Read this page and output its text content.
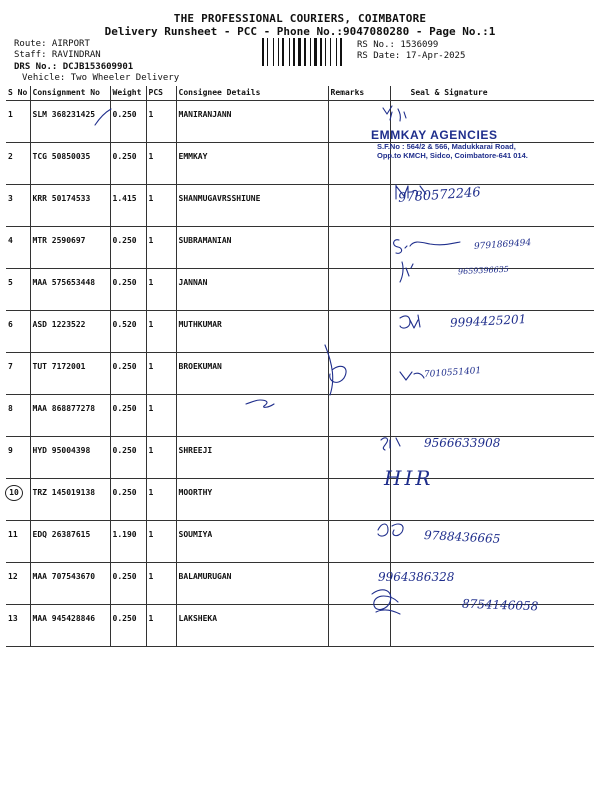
THE PROFESSIONAL COURIERS, COIMBATORE
Delivery Runsheet - PCC - Phone No.:9047080280 - Page No.:1
Route: AIRPORT
Staff: RAVINDRAN
DRS No.: DCJB153609901
Vehicle: Two Wheeler Delivery
RS No.: 1536099
RS Date: 17-Apr-2025
S No	Consignment No	Weight	PCS	Consignee Details	Remarks	Seal & Signature
1	SLM 368231425	0.250	1	MANIRANJANN		
2	TCG 50850035	0.250	1	EMMKAY		
3	KRR 50174533	1.415	1	SHANMUGAVRSSHIUNE		
4	MTR 2590697	0.250	1	SUBRAMANIAN		
5	MAA 575653448	0.250	1	JANNAN		
6	ASD 1223522	0.520	1	MUTHKUMAR		
7	TUT 7172001	0.250	1	BROEKUMAN		
8	MAA 868877278	0.250	1			
9	HYD 95004398	0.250	1	SHREEJI		
10	TRZ 145019138	0.250	1	MOORTHY		
11	EDQ 26387615	1.190	1	SOUMIYA		
12	MAA 707543670	0.250	1	BALAMURUGAN		
13	MAA 945428846	0.250	1	LAKSHEKA		
EMMKAY AGENCIES
S.F.No : 564/2 & 566, Madukkarai Road,
Opp.to KMCH, Sidco, Coimbatore-641 014.
9780572246
9791869494
9659396635
9994425201
7010551401
9566633908
HIR
9788436665
9964386328
8754146058
